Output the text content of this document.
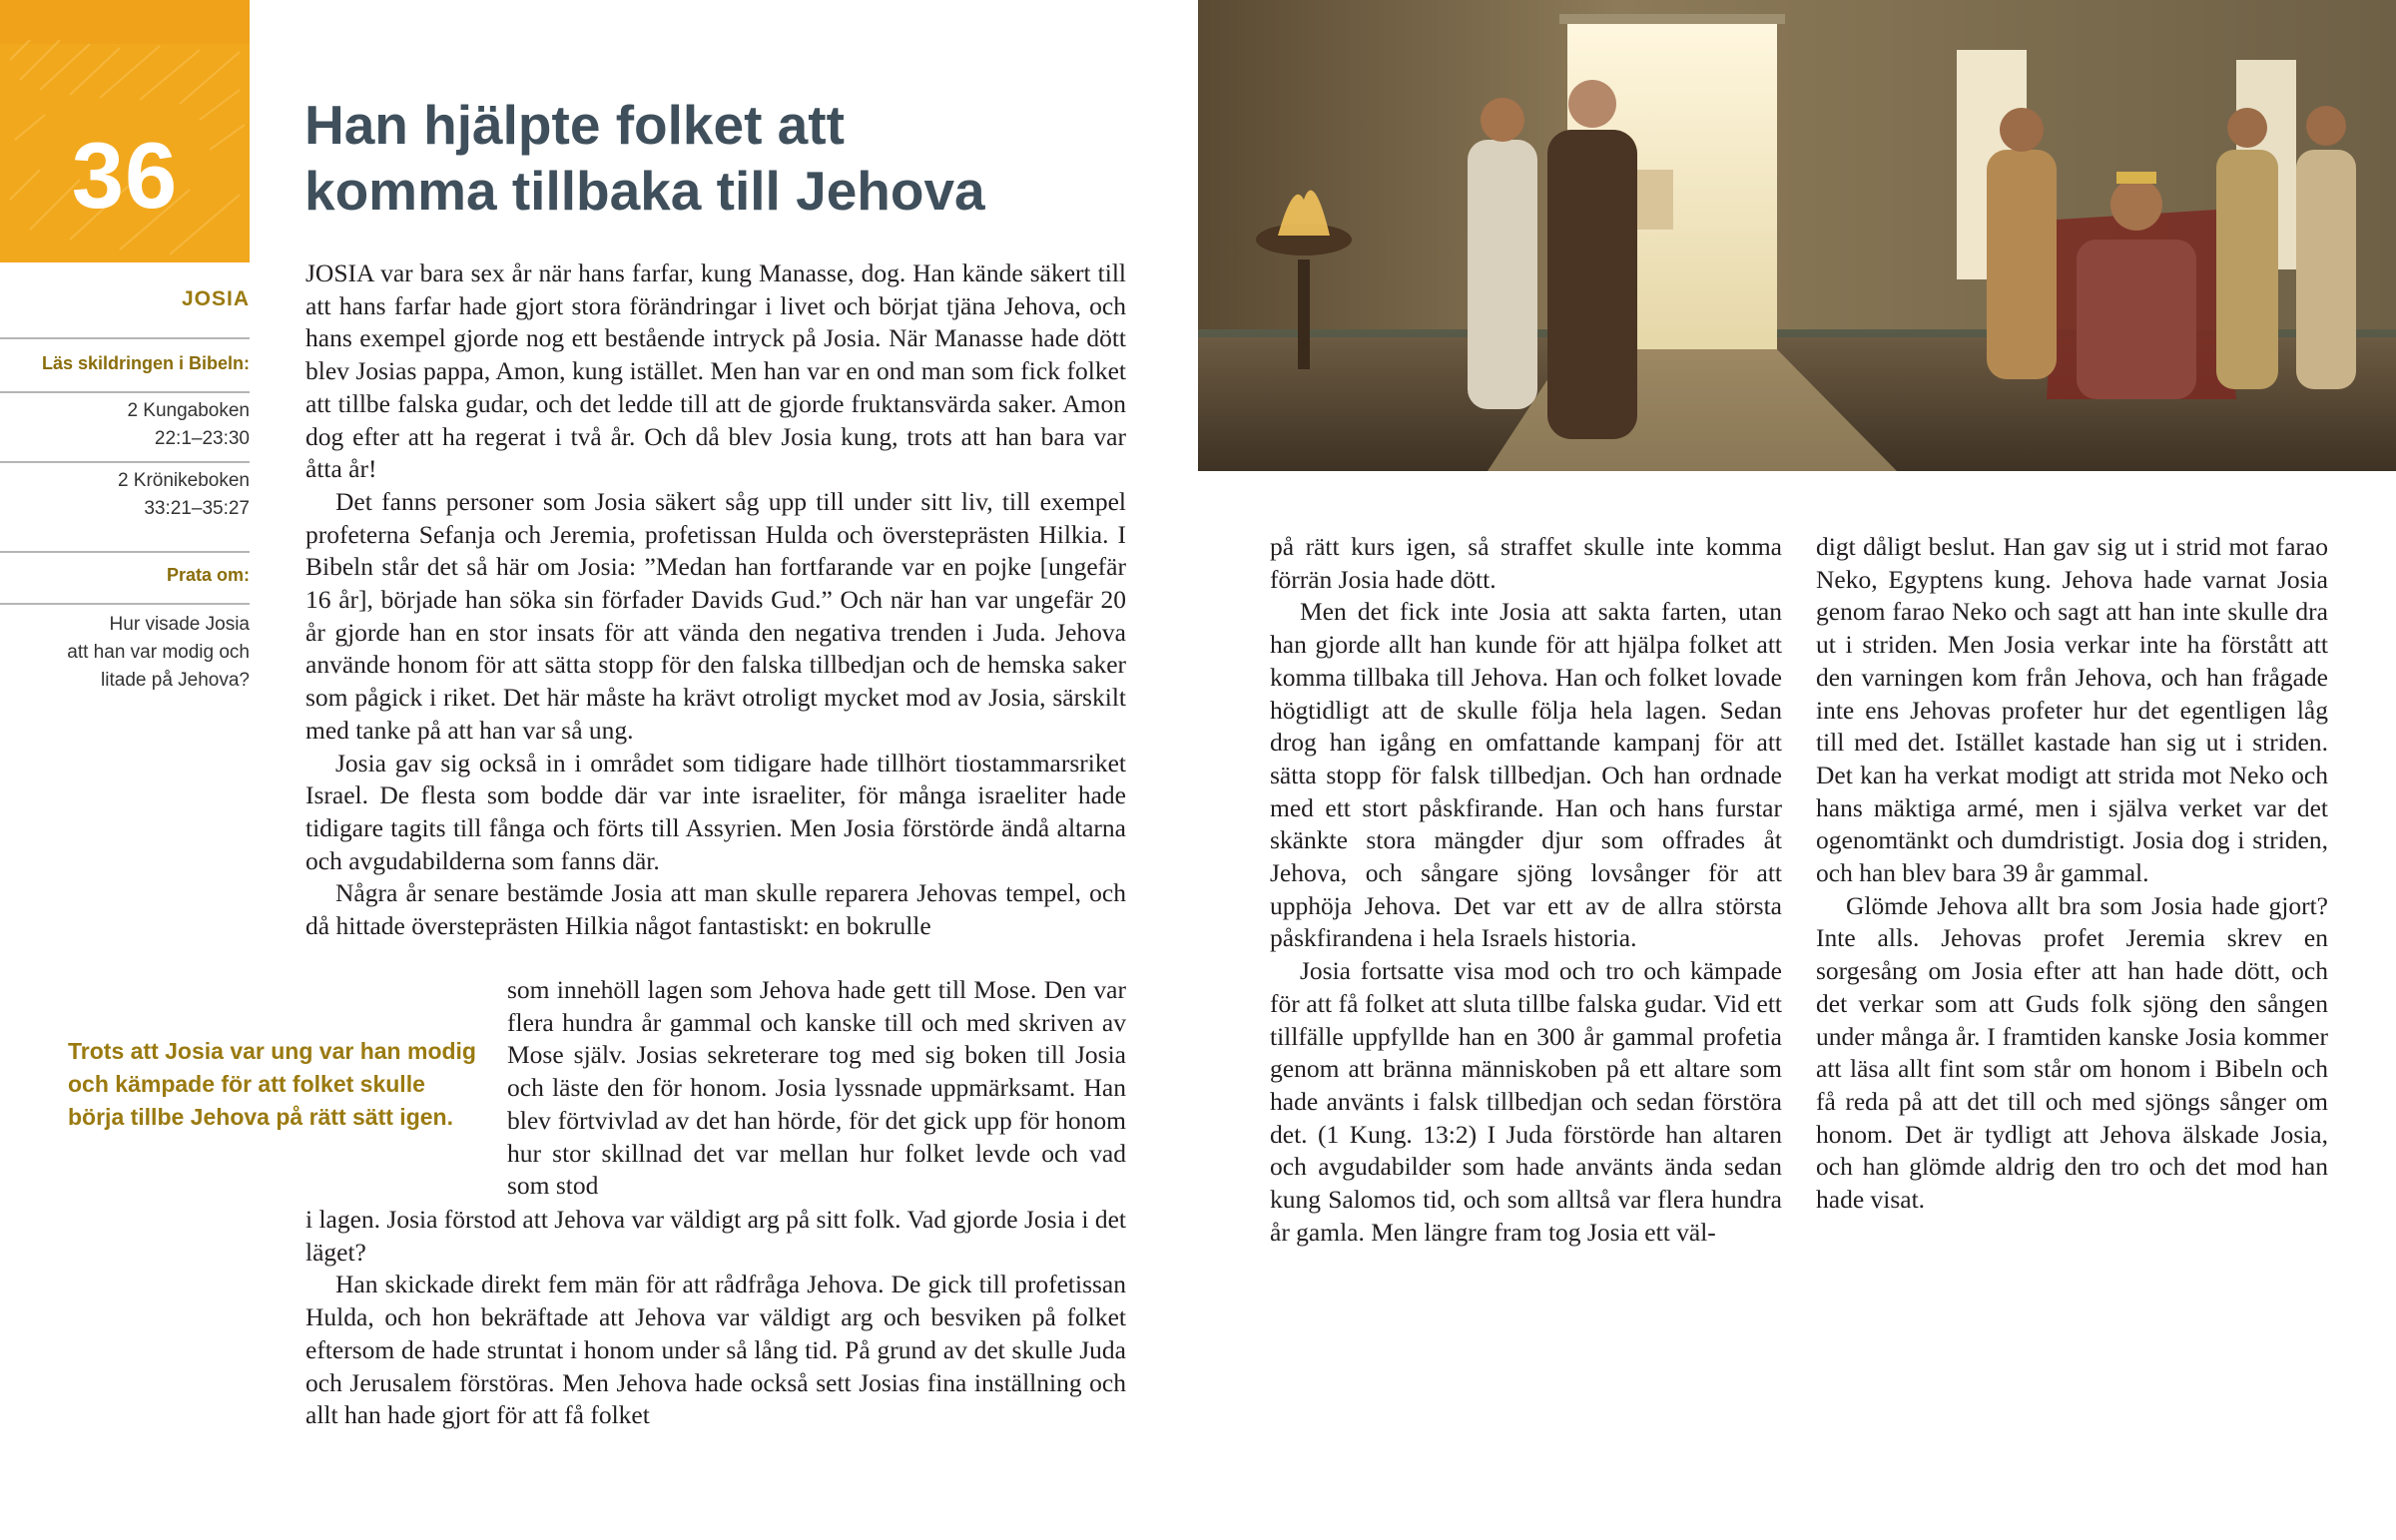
36
JOSIA
Läs skildringen i Bibeln:
2 Kungaboken
22:1–23:30
2 Krönikeboken
33:21–35:27
Prata om:
Hur visade Josia
att han var modig och
litade på Jehova?
Han hjälpte folket att
komma tillbaka till Jehova

JOSIA var bara sex år när hans farfar, kung Manasse, dog. Han kände säkert till att hans farfar hade gjort stora förändringar i livet och börjat tjäna Jehova, och hans exempel gjorde nog ett bestående intryck på Josia. När Manasse hade dött blev Josias pappa, Amon, kung istället. Men han var en ond man som fick folket att tillbe falska gudar, och det ledde till att de gjorde fruktansvärda saker. Amon dog efter att ha regerat i två år. Och då blev Josia kung, trots att han bara var åtta år!

Det fanns personer som Josia säkert såg upp till under sitt liv, till exempel profeterna Sefanja och Jeremia, profetissan Hulda och översteprästen Hilkia. I Bibeln står det så här om Josia: ”Medan han fortfarande var en pojke [ungefär 16 år], började han söka sin förfader Davids Gud.” Och när han var ungefär 20 år gjorde han en stor insats för att vända den negativa trenden i Juda. Jehova använde honom för att sätta stopp för den falska tillbedjan och de hemska saker som pågick i riket. Det här måste ha krävt otroligt mycket mod av Josia, särskilt med tanke på att han var så ung.

Josia gav sig också in i området som tidigare hade tillhört tiostammarsriket Israel. De flesta som bodde där var inte israeliter, för många israeliter hade tidigare tagits till fånga och förts till Assyrien. Men Josia förstörde ändå altarna och avgudabilderna som fanns där.

Några år senare bestämde Josia att man skulle reparera Jehovas tempel, och då hittade översteprästen Hilkia något fantastiskt: en bokrulle

som innehöll lagen som Jehova hade gett till Mose. Den var flera hundra år gammal och kanske till och med skriven av Mose själv. Josias sekreterare tog med sig boken till Josia och läste den för honom. Josia lyssnade uppmärksamt. Han blev förtvivlad av det han hörde, för det gick upp för honom hur stor skillnad det var mellan hur folket levde och vad som stod

i lagen. Josia förstod att Jehova var väldigt arg på sitt folk. Vad gjorde Josia i det läget?

Han skickade direkt fem män för att rådfråga Jehova. De gick till profetissan Hulda, och hon bekräftade att Jehova var väldigt arg och besviken på folket eftersom de hade struntat i honom under så lång tid. På grund av det skulle Juda och Jerusalem förstöras. Men Jehova hade också sett Josias fina inställning och allt han hade gjort för att få folket

Trots att Josia var ung var han modig och kämpade för att folket skulle börja tillbe Jehova på rätt sätt igen.

på rätt kurs igen, så straffet skulle inte komma förrän Josia hade dött.

Men det fick inte Josia att sakta farten, utan han gjorde allt han kunde för att hjälpa folket att komma tillbaka till Jehova. Han och folket lovade högtidligt att de skulle följa hela lagen. Sedan drog han igång en omfattande kampanj för att sätta stopp för falsk tillbedjan. Och han ordnade med ett stort påskfirande. Han och hans furstar skänkte stora mängder djur som offrades åt Jehova, och sångare sjöng lovsånger för att upphöja Jehova. Det var ett av de allra största påskfirandena i hela Israels historia.

Josia fortsatte visa mod och tro och kämpade för att få folket att sluta tillbe falska gudar. Vid ett tillfälle uppfyllde han en 300 år gammal profetia genom att bränna människoben på ett altare som hade använts i falsk tillbedjan och sedan förstöra det. (1 Kung. 13:2) I Juda förstörde han altaren och avgudabilder som hade använts ända sedan kung Salomos tid, och som alltså var flera hundra år gamla. Men längre fram tog Josia ett väl-

digt dåligt beslut. Han gav sig ut i strid mot farao Neko, Egyptens kung. Jehova hade varnat Josia genom farao Neko och sagt att han inte skulle dra ut i striden. Men Josia verkar inte ha förstått att den varningen kom från Jehova, och han frågade inte ens Jehovas profeter hur det egentligen låg till med det. Istället kastade han sig ut i striden. Det kan ha verkat modigt att strida mot Neko och hans mäktiga armé, men i själva verket var det ogenomtänkt och dumdristigt. Josia dog i striden, och han blev bara 39 år gammal.

Glömde Jehova allt bra som Josia hade gjort? Inte alls. Jehovas profet Jeremia skrev en sorgesång om Josia efter att han hade dött, och det verkar som att Guds folk sjöng den sången under många år. I framtiden kanske Josia kommer att läsa allt fint som står om honom i Bibeln och få reda på att det till och med sjöngs sånger om honom. Det är tydligt att Jehova älskade Josia, och han glömde aldrig den tro och det mod han hade visat.
